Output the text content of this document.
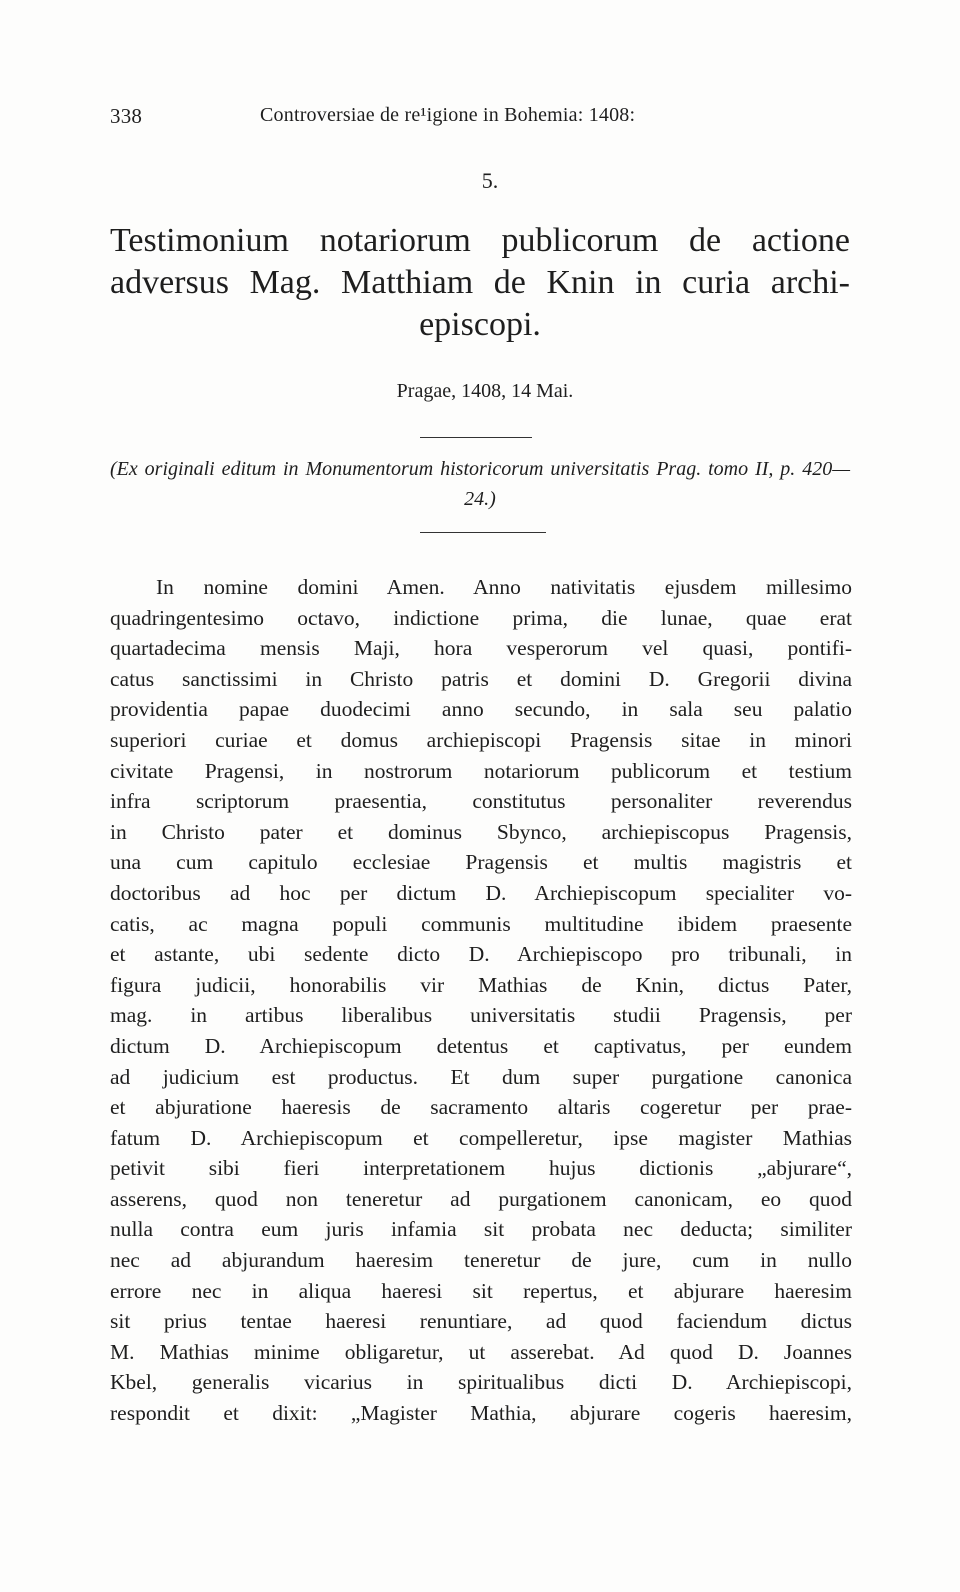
338	Controversiae de re¹igione in Bohemia: 1408:
5.
Testimonium notariorum publicorum de actione adversus Mag. Matthiam de Knin in curia archi-episcopi.
Pragae, 1408, 14 Mai.
(Ex originali editum in Monumentorum historicorum universitatis Prag. tomo II, p. 420—24.)
In nomine domini Amen. Anno nativitatis ejusdem millesimo
quadringentesimo octavo, indictione prima, die lunae, quae erat
quartadecima mensis Maji, hora vesperorum vel quasi, pontifi-
catus sanctissimi in Christo patris et domini D. Gregorii divina
providentia papae duodecimi anno secundo, in sala seu palatio
superiori curiae et domus archiepiscopi Pragensis sitae in minori
civitate Pragensi, in nostrorum notariorum publicorum et testium
infra scriptorum praesentia, constitutus personaliter reverendus
in Christo pater et dominus Sbynco, archiepiscopus Pragensis,
una cum capitulo ecclesiae Pragensis et multis magistris et
doctoribus ad hoc per dictum D. Archiepiscopum specialiter vo-
catis, ac magna populi communis multitudine ibidem praesente
et astante, ubi sedente dicto D. Archiepiscopo pro tribunali, in
figura judicii, honorabilis vir Mathias de Knin, dictus Pater,
mag. in artibus liberalibus universitatis studii Pragensis, per
dictum D. Archiepiscopum detentus et captivatus, per eundem
ad judicium est productus. Et dum super purgatione canonica
et abjuratione haeresis de sacramento altaris cogeretur per prae-
fatum D. Archiepiscopum et compelleretur, ipse magister Mathias
petivit sibi fieri interpretationem hujus dictionis „abjurare“,
asserens, quod non teneretur ad purgationem canonicam, eo quod
nulla contra eum juris infamia sit probata nec deducta; similiter
nec ad abjurandum haeresim teneretur de jure, cum in nullo
errore nec in aliqua haeresi sit repertus, et abjurare haeresim
sit prius tentae haeresi renuntiare, ad quod faciendum dictus
M. Mathias minime obligaretur, ut asserebat. Ad quod D. Joannes
Kbel, generalis vicarius in spiritualibus dicti D. Archiepiscopi,
respondit et dixit: „Magister Mathia, abjurare cogeris haeresim,
